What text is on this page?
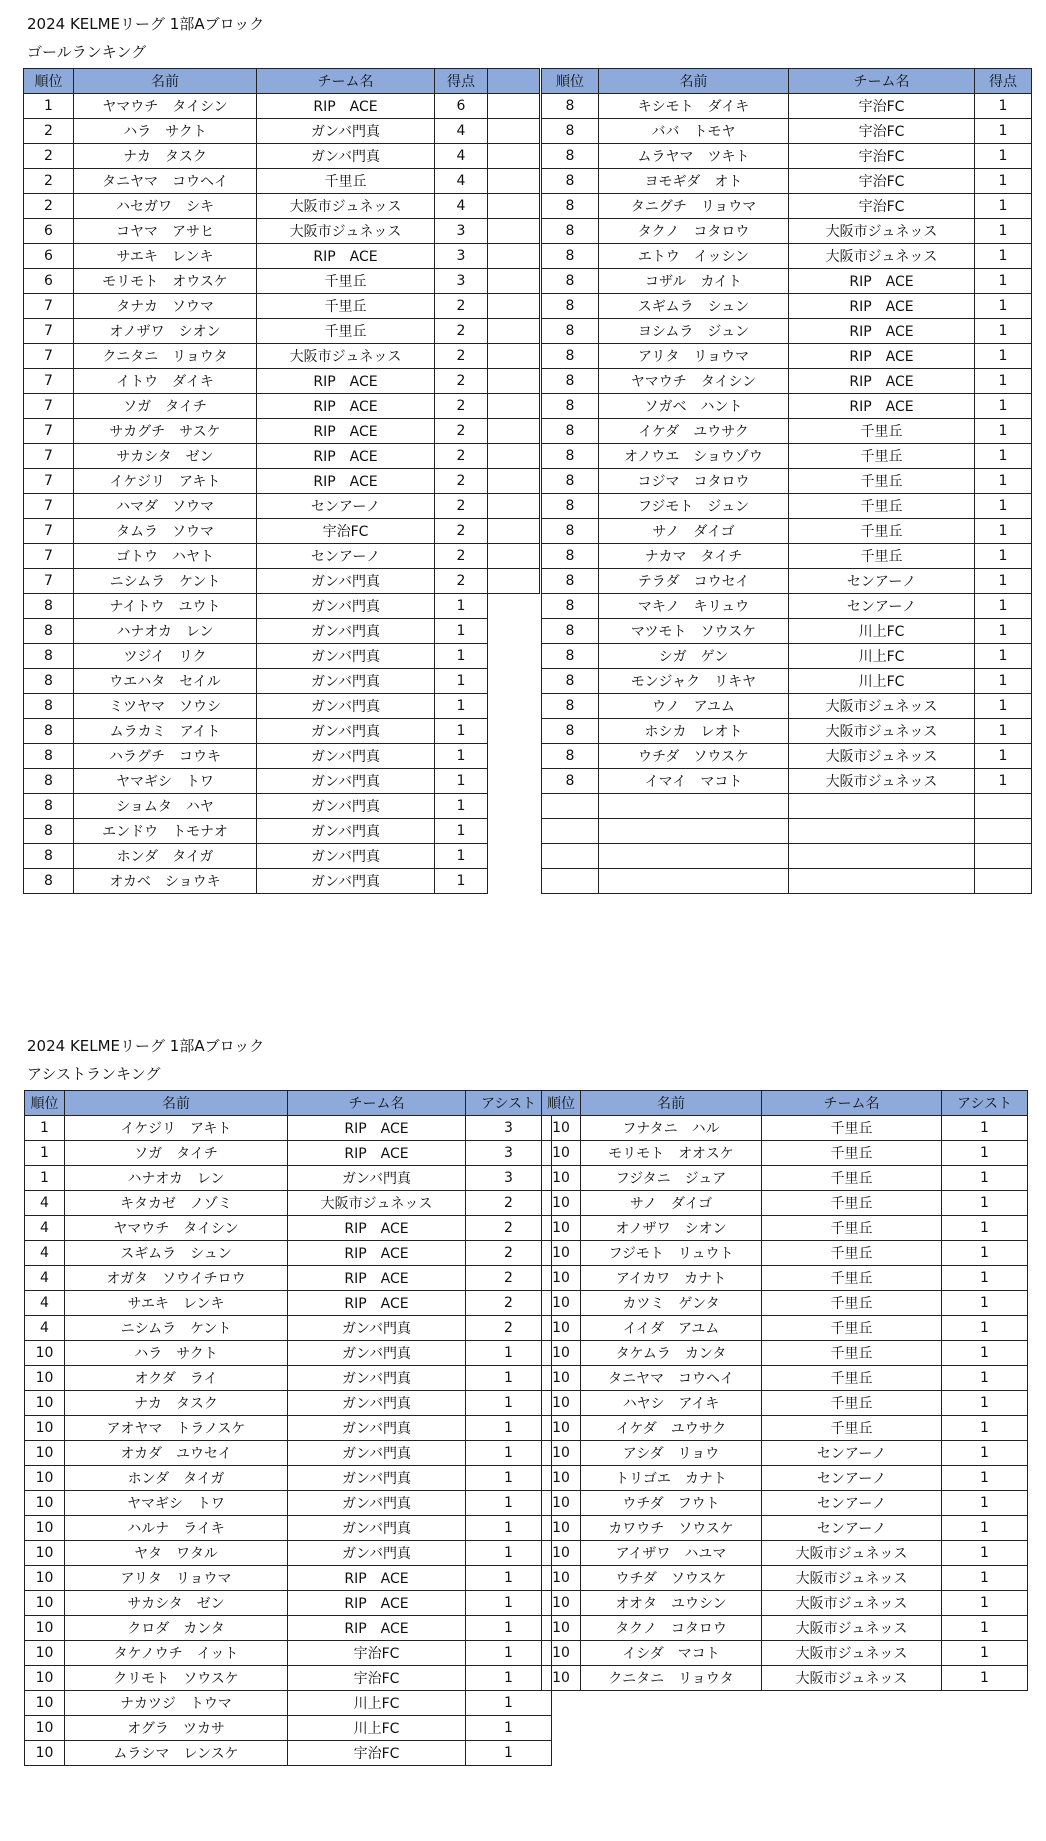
2024 KELMEリーグ 1部Aブロック
ゴールランキング
順位	名前	チーム名	得点	
1	ヤマウチ　タイシン	RIP　ACE	6	
2	ハラ　サクト	ガンバ門真	4	
2	ナカ　タスク	ガンバ門真	4	
2	タニヤマ　コウヘイ	千里丘	4	
2	ハセガワ　シキ	大阪市ジュネッス	4	
6	コヤマ　アサヒ	大阪市ジュネッス	3	
6	サエキ　レンキ	RIP　ACE	3	
6	モリモト　オウスケ	千里丘	3	
7	タナカ　ソウマ	千里丘	2	
7	オノザワ　シオン	千里丘	2	
7	クニタニ　リョウタ	大阪市ジュネッス	2	
7	イトウ　ダイキ	RIP　ACE	2	
7	ソガ　タイチ	RIP　ACE	2	
7	サカグチ　サスケ	RIP　ACE	2	
7	サカシタ　ゼン	RIP　ACE	2	
7	イケジリ　アキト	RIP　ACE	2	
7	ハマダ　ソウマ	センアーノ	2	
7	タムラ　ソウマ	宇治FC	2	
7	ゴトウ　ハヤト	センアーノ	2	
7	ニシムラ　ケント	ガンバ門真	2	
8	ナイトウ　ユウト	ガンバ門真	1	
8	ハナオカ　レン	ガンバ門真	1	
8	ツジイ　リク	ガンバ門真	1	
8	ウエハタ　セイル	ガンバ門真	1	
8	ミツヤマ　ソウシ	ガンバ門真	1	
8	ムラカミ　アイト	ガンバ門真	1	
8	ハラグチ　コウキ	ガンバ門真	1	
8	ヤマギシ　トワ	ガンバ門真	1	
8	ショムタ　ハヤ	ガンバ門真	1	
8	エンドウ　トモナオ	ガンバ門真	1	
8	ホンダ　タイガ	ガンバ門真	1	
8	オカベ　ショウキ	ガンバ門真	1	
順位	名前	チーム名	得点
8	キシモト　ダイキ	宇治FC	1
8	ババ　トモヤ	宇治FC	1
8	ムラヤマ　ツキト	宇治FC	1
8	ヨモギダ　オト	宇治FC	1
8	タニグチ　リョウマ	宇治FC	1
8	タクノ　コタロウ	大阪市ジュネッス	1
8	エトウ　イッシン	大阪市ジュネッス	1
8	コザル　カイト	RIP　ACE	1
8	スギムラ　シュン	RIP　ACE	1
8	ヨシムラ　ジュン	RIP　ACE	1
8	アリタ　リョウマ	RIP　ACE	1
8	ヤマウチ　タイシン	RIP　ACE	1
8	ソガベ　ハント	RIP　ACE	1
8	イケダ　ユウサク	千里丘	1
8	オノウエ　ショウゾウ	千里丘	1
8	コジマ　コタロウ	千里丘	1
8	フジモト　ジュン	千里丘	1
8	サノ　ダイゴ	千里丘	1
8	ナカマ　タイチ	千里丘	1
8	テラダ　コウセイ	センアーノ	1
8	マキノ　キリュウ	センアーノ	1
8	マツモト　ソウスケ	川上FC	1
8	シガ　ゲン	川上FC	1
8	モンジャク　リキヤ	川上FC	1
8	ウノ　アユム	大阪市ジュネッス	1
8	ホシカ　レオト	大阪市ジュネッス	1
8	ウチダ　ソウスケ	大阪市ジュネッス	1
8	イマイ　マコト	大阪市ジュネッス	1

2024 KELMEリーグ 1部Aブロック
アシストランキング
順位	名前	チーム名	アシスト
1	イケジリ　アキト	RIP　ACE	3
1	ソガ　タイチ	RIP　ACE	3
1	ハナオカ　レン	ガンバ門真	3
4	キタカゼ　ノゾミ	大阪市ジュネッス	2
4	ヤマウチ　タイシン	RIP　ACE	2
4	スギムラ　シュン	RIP　ACE	2
4	オガタ　ソウイチロウ	RIP　ACE	2
4	サエキ　レンキ	RIP　ACE	2
4	ニシムラ　ケント	ガンバ門真	2
10	ハラ　サクト	ガンバ門真	1
10	オクダ　ライ	ガンバ門真	1
10	ナカ　タスク	ガンバ門真	1
10	アオヤマ　トラノスケ	ガンバ門真	1
10	オカダ　ユウセイ	ガンバ門真	1
10	ホンダ　タイガ	ガンバ門真	1
10	ヤマギシ　トワ	ガンバ門真	1
10	ハルナ　ライキ	ガンバ門真	1
10	ヤタ　ワタル	ガンバ門真	1
10	アリタ　リョウマ	RIP　ACE	1
10	サカシタ　ゼン	RIP　ACE	1
10	クロダ　カンタ	RIP　ACE	1
10	タケノウチ　イット	宇治FC	1
10	クリモト　ソウスケ	宇治FC	1
10	ナカツジ　トウマ	川上FC	1
10	オグラ　ツカサ	川上FC	1
10	ムラシマ　レンスケ	宇治FC	1
順位	名前	チーム名	アシスト
10	フナタニ　ハル	千里丘	1
10	モリモト　オオスケ	千里丘	1
10	フジタニ　ジュア	千里丘	1
10	サノ　ダイゴ	千里丘	1
10	オノザワ　シオン	千里丘	1
10	フジモト　リュウト	千里丘	1
10	アイカワ　カナト	千里丘	1
10	カツミ　ゲンタ	千里丘	1
10	イイダ　アユム	千里丘	1
10	タケムラ　カンタ	千里丘	1
10	タニヤマ　コウヘイ	千里丘	1
10	ハヤシ　アイキ	千里丘	1
10	イケダ　ユウサク	千里丘	1
10	アシダ　リョウ	センアーノ	1
10	トリゴエ　カナト	センアーノ	1
10	ウチダ　フウト	センアーノ	1
10	カワウチ　ソウスケ	センアーノ	1
10	アイザワ　ハユマ	大阪市ジュネッス	1
10	ウチダ　ソウスケ	大阪市ジュネッス	1
10	オオタ　ユウシン	大阪市ジュネッス	1
10	タクノ　コタロウ	大阪市ジュネッス	1
10	イシダ　マコト	大阪市ジュネッス	1
10	クニタニ　リョウタ	大阪市ジュネッス	1
